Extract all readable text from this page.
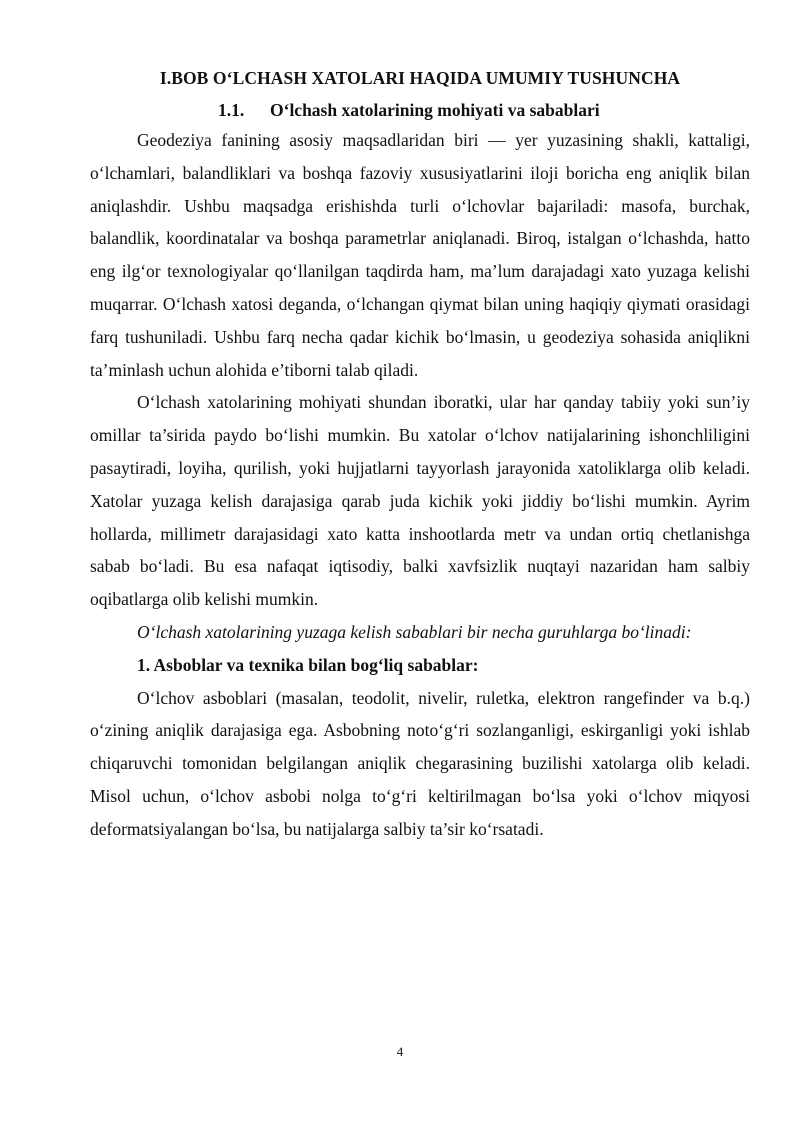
I.BOB O‘LCHASH XATOLARI HAQIDA UMUMIY TUSHUNCHA
1.1. O‘lchash xatolarining mohiyati va sabablari

Geodeziya fanining asosiy maqsadlaridan biri — yer yuzasining shakli, kattaligi, o‘lchamlari, balandliklari va boshqa fazoviy xususiyatlarini iloji boricha eng aniqlik bilan aniqlashdir. Ushbu maqsadga erishishda turli o‘lchovlar bajariladi: masofa, burchak, balandlik, koordinatalar va boshqa parametrlar aniqlanadi. Biroq, istalgan o‘lchashda, hatto eng ilg‘or texnologiyalar qo‘llanilgan taqdirda ham, ma’lum darajadagi xato yuzaga kelishi muqarrar. O‘lchash xatosi deganda, o‘lchangan qiymat bilan uning haqiqiy qiymati orasidagi farq tushuniladi. Ushbu farq necha qadar kichik bo‘lmasin, u geodeziya sohasida aniqlikni ta’minlash uchun alohida e’tiborni talab qiladi.

O‘lchash xatolarining mohiyati shundan iboratki, ular har qanday tabiiy yoki sun’iy omillar ta’sirida paydo bo‘lishi mumkin. Bu xatolar o‘lchov natijalarining ishonchliligini pasaytiradi, loyiha, qurilish, yoki hujjatlarni tayyorlash jarayonida xatoliklarga olib keladi. Xatolar yuzaga kelish darajasiga qarab juda kichik yoki jiddiy bo‘lishi mumkin. Ayrim hollarda, millimetr darajasidagi xato katta inshootlarda metr va undan ortiq chetlanishga sabab bo‘ladi. Bu esa nafaqat iqtisodiy, balki xavfsizlik nuqtayi nazaridan ham salbiy oqibatlarga olib kelishi mumkin.

O‘lchash xatolarining yuzaga kelish sabablari bir necha guruhlarga bo‘linadi:

1. Asboblar va texnika bilan bog‘liq sabablar:

O‘lchov asboblari (masalan, teodolit, nivelir, ruletka, elektron rangefinder va b.q.) o‘zining aniqlik darajasiga ega. Asbobning noto‘g‘ri sozlanganligi, eskirganligi yoki ishlab chiqaruvchi tomonidan belgilangan aniqlik chegarasining buzilishi xatolarga olib keladi. Misol uchun, o‘lchov asbobi nolga to‘g‘ri keltirilmagan bo‘lsa yoki o‘lchov miqyosi deformatsiyalangan bo‘lsa, bu natijalarga salbiy ta’sir ko‘rsatadi.

4
